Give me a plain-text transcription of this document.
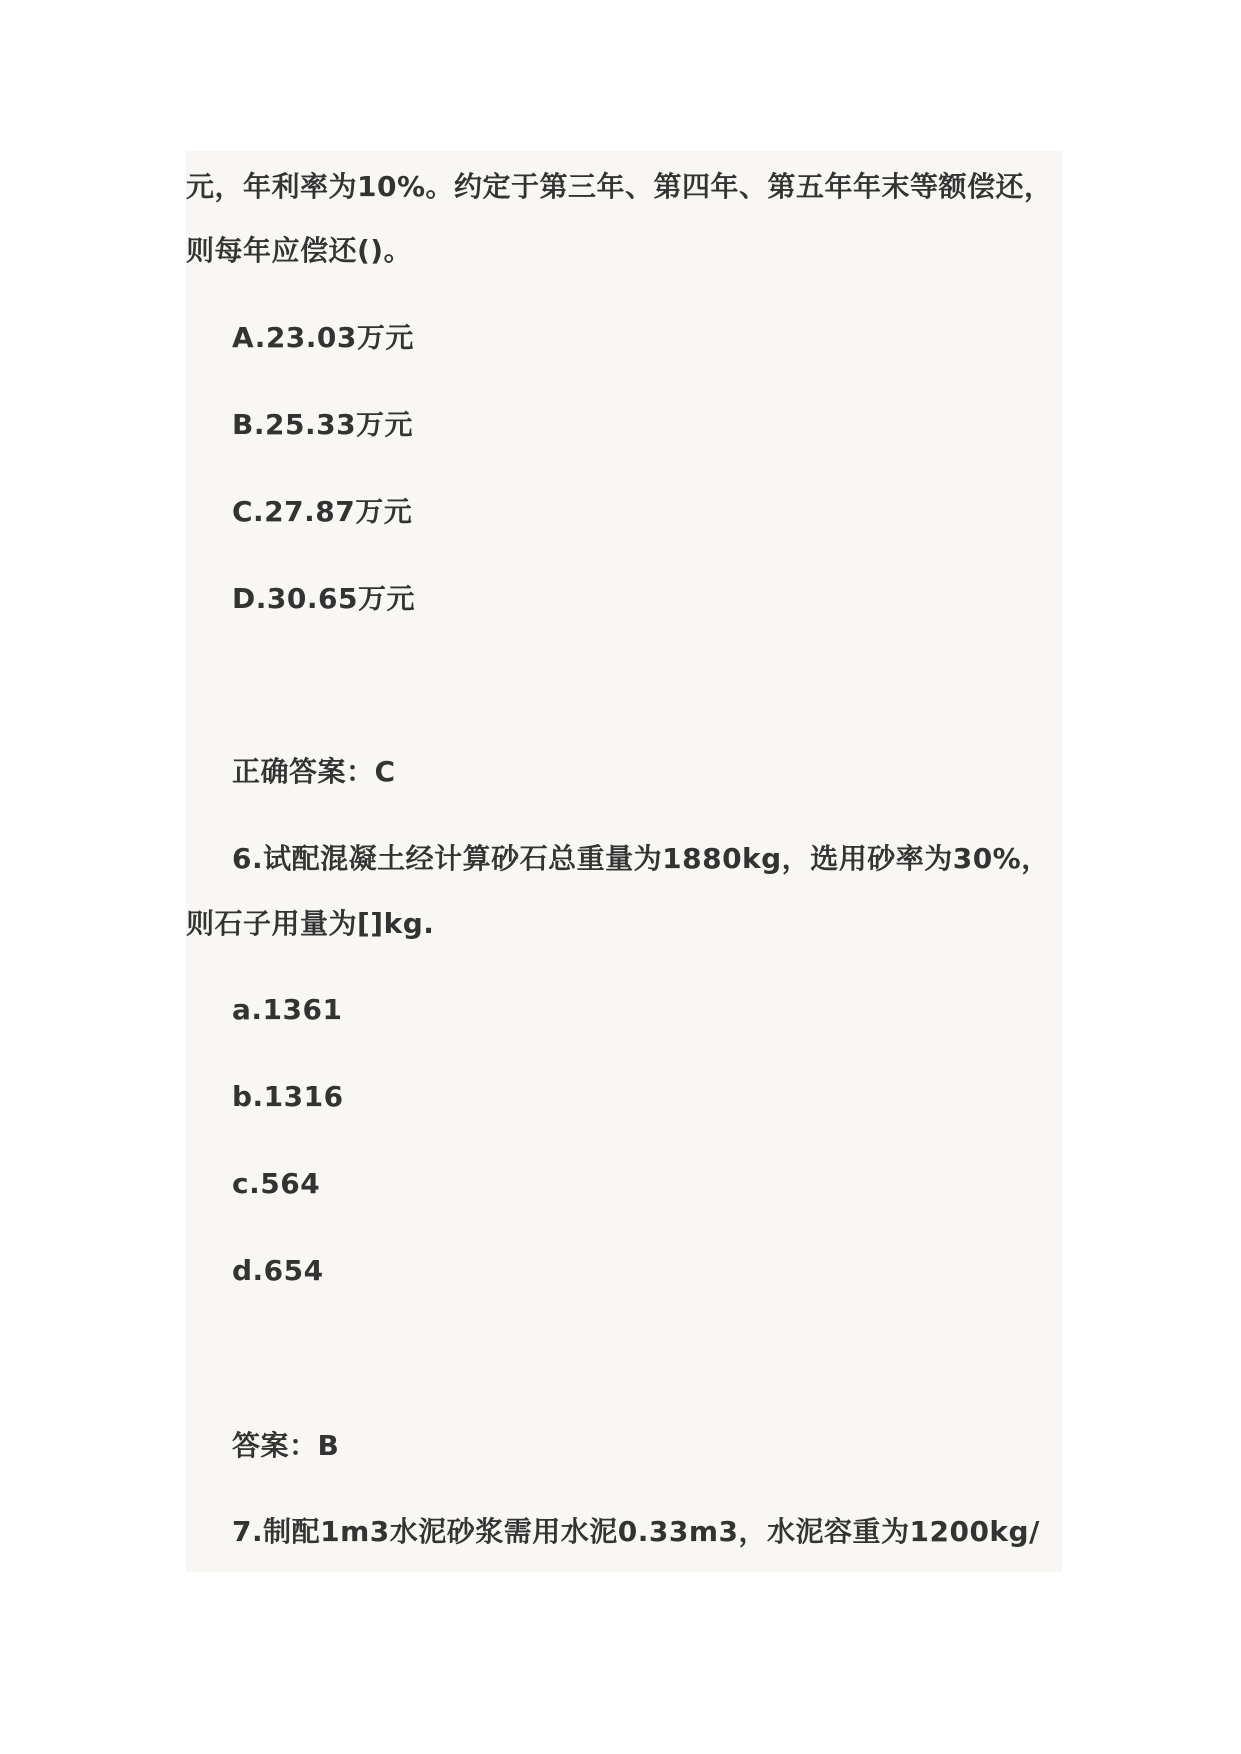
元，年利率为10%。约定于第三年、第四年、第五年年末等额偿还，
则每年应偿还()。
A.23.03万元
B.25.33万元
C.27.87万元
D.30.65万元
正确答案：C
6.试配混凝土经计算砂石总重量为1880kg，选用砂率为30%，
则石子用量为[]kg.
a.1361
b.1316
c.564
d.654
答案：B
7.制配1m3水泥砂浆需用水泥0.33m3，水泥容重为1200kg/
